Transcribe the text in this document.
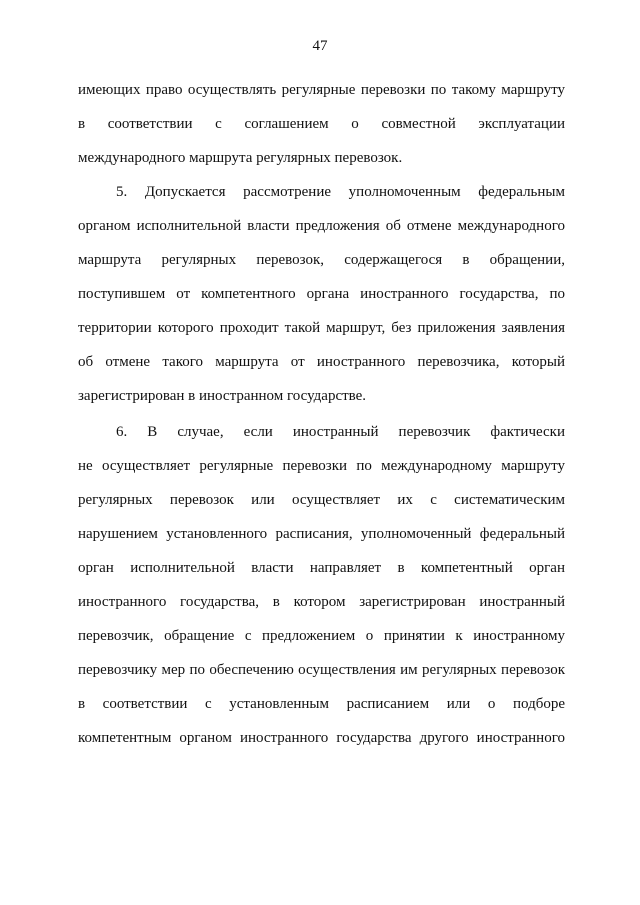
47
имеющих право осуществлять регулярные перевозки по такому маршруту
в соответствии с соглашением о совместной эксплуатации
международного маршрута регулярных перевозок.
5. Допускается рассмотрение уполномоченным федеральным
органом исполнительной власти предложения об отмене международного
маршрута регулярных перевозок, содержащегося в обращении,
поступившем от компетентного органа иностранного государства, по
территории которого проходит такой маршрут, без приложения заявления
об отмене такого маршрута от иностранного перевозчика, который
зарегистрирован в иностранном государстве.
6. В случае, если иностранный перевозчик фактически
не осуществляет регулярные перевозки по международному маршруту
регулярных перевозок или осуществляет их с систематическим
нарушением установленного расписания, уполномоченный федеральный
орган исполнительной власти направляет в компетентный орган
иностранного государства, в котором зарегистрирован иностранный
перевозчик, обращение с предложением о принятии к иностранному
перевозчику мер по обеспечению осуществления им регулярных перевозок
в соответствии с установленным расписанием или о подборе
компетентным органом иностранного государства другого иностранного
